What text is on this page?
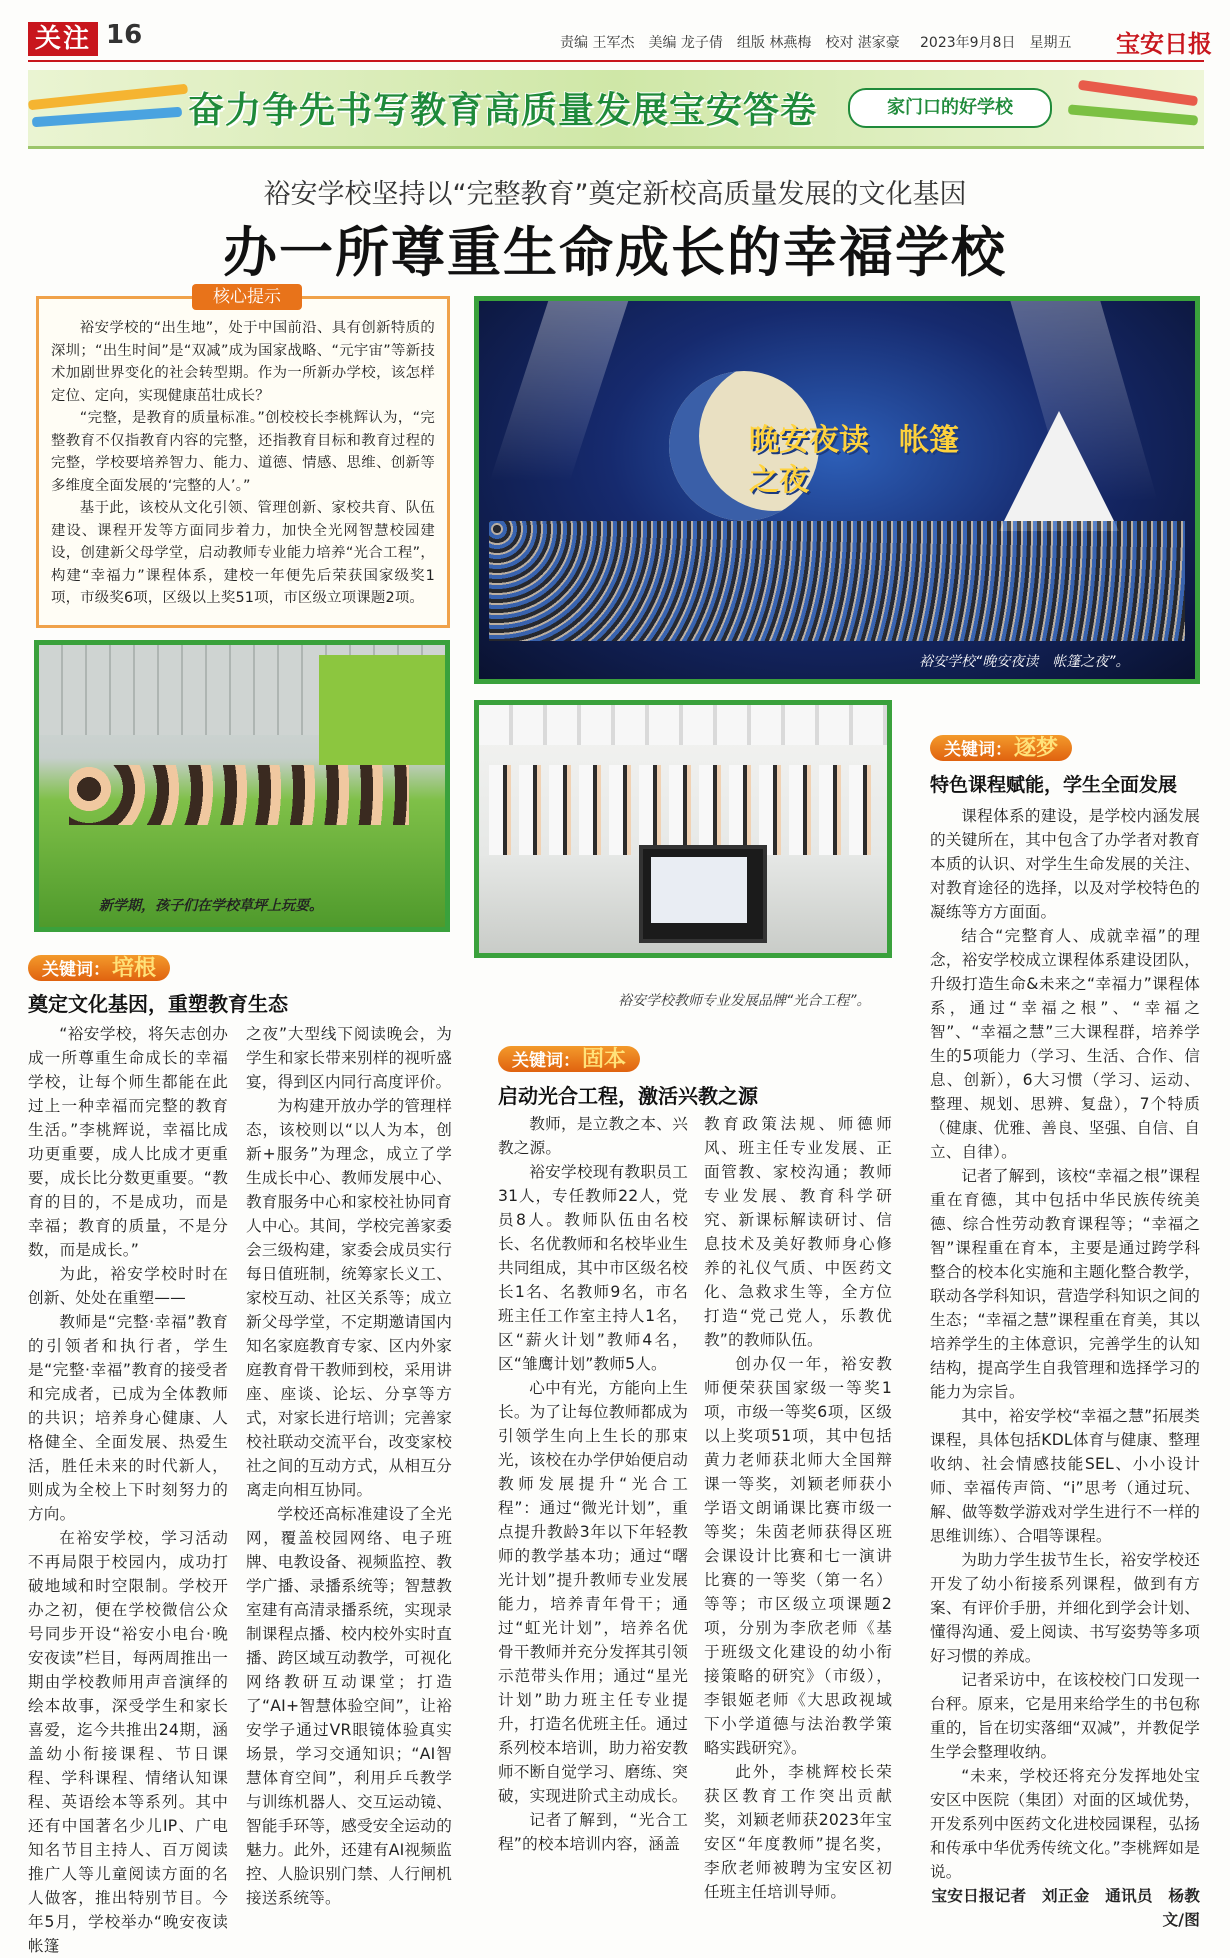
关注 16	责编 王军杰　美编 龙子倩　组版 林燕梅　校对 湛家豪 2023年9月8日　星期五 宝安日报
奋力争先书写教育高质量发展宝安答卷	家门口的好学校
裕安学校坚持以“完整教育”奠定新校高质量发展的文化基因
办一所尊重生命成长的幸福学校

裕安学校的“出生地”，处于中国前沿、具有创新特质的深圳；“出生时间”是“双减”成为国家战略、“元宇宙”等新技术加剧世界变化的社会转型期。作为一所新办学校，该怎样定位、定向，实现健康茁壮成长？

“完整，是教育的质量标准。”创校校长李桃辉认为，“完整教育不仅指教育内容的完整，还指教育目标和教育过程的完整，学校要培养智力、能力、道德、情感、思维、创新等多维度全面发展的‘完整的人’。”

基于此，该校从文化引领、管理创新、家校共育、队伍建设、课程开发等方面同步着力，加快全光网智慧校园建设，创建新父母学堂，启动教师专业能力培养“光合工程”，构建“幸福力”课程体系，建校一年便先后荣获国家级奖1项，市级奖6项，区级以上奖51项，市区级立项课题2项。

核心提示
晚安夜读　帐篷之夜
裕安学校“晚安夜读　帐篷之夜”。
新学期，孩子们在学校草坪上玩耍。
裕安学校教师专业发展品牌“光合工程”。
关键词：培根
奠定文化基因，重塑教育生态

“裕安学校，将矢志创办成一所尊重生命成长的幸福学校，让每个师生都能在此过上一种幸福而完整的教育生活。”李桃辉说，幸福比成功更重要，成人比成才更重要，成长比分数更重要。“教育的目的，不是成功，而是幸福；教育的质量，不是分数，而是成长。”

为此，裕安学校时时在创新、处处在重塑——

教师是“完整·幸福”教育的引领者和执行者，学生是“完整·幸福”教育的接受者和完成者，已成为全体教师的共识；培养身心健康、人格健全、全面发展、热爱生活，胜任未来的时代新人，则成为全校上下时刻努力的方向。

在裕安学校，学习活动不再局限于校园内，成功打破地域和时空限制。学校开办之初，便在学校微信公众号同步开设“裕安小电台·晚安夜读”栏目，每两周推出一期由学校教师用声音演绎的绘本故事，深受学生和家长喜爱，迄今共推出24期，涵盖幼小衔接课程、节日课程、学科课程、情绪认知课程、英语绘本等系列。其中还有中国著名少儿IP、广电知名节目主持人、百万阅读推广人等儿童阅读方面的名人做客，推出特别节目。今年5月，学校举办“晚安夜读　帐篷

之夜”大型线下阅读晚会，为学生和家长带来别样的视听盛宴，得到区内同行高度评价。

为构建开放办学的管理样态，该校则以“以人为本，创新+服务”为理念，成立了学生成长中心、教师发展中心、教育服务中心和家校社协同育人中心。其间，学校完善家委会三级构建，家委会成员实行每日值班制，统筹家长义工、家校互动、社区关系等；成立新父母学堂，不定期邀请国内知名家庭教育专家、区内外家庭教育骨干教师到校，采用讲座、座谈、论坛、分享等方式，对家长进行培训；完善家校社联动交流平台，改变家校社之间的互动方式，从相互分离走向相互协同。

学校还高标准建设了全光网，覆盖校园网络、电子班牌、电教设备、视频监控、教学广播、录播系统等；智慧教室建有高清录播系统，实现录制课程点播、校内校外实时直播、跨区域互动教学，可视化网络教研互动课堂；打造了“AI+智慧体验空间”，让裕安学子通过VR眼镜体验真实场景，学习交通知识；“AI智慧体育空间”，利用乒乓教学与训练机器人、交互运动镜、智能手环等，感受安全运动的魅力。此外，还建有AI视频监控、人脸识别门禁、人行闸机接送系统等。

关键词：固本
启动光合工程，激活兴教之源

教师，是立教之本、兴教之源。

裕安学校现有教职员工31人，专任教师22人，党员8人。教师队伍由名校长、名优教师和名校毕业生共同组成，其中市区级名校长1名、名教师9名，市名班主任工作室主持人1名，区“薪火计划”教师4名，区“雏鹰计划”教师5人。

心中有光，方能向上生长。为了让每位教师都成为引领学生向上生长的那束光，该校在办学伊始便启动教师发展提升“光合工程”：通过“微光计划”，重点提升教龄3年以下年轻教师的教学基本功；通过“曙光计划”提升教师专业发展能力，培养青年骨干；通过“虹光计划”，培养名优骨干教师并充分发挥其引领示范带头作用；通过“星光计划”助力班主任专业提升，打造名优班主任。通过系列校本培训，助力裕安教师不断自觉学习、磨练、突破，实现进阶式主动成长。

记者了解到，“光合工程”的校本培训内容，涵盖

教育政策法规、师德师风、班主任专业发展、正面管教、家校沟通；教师专业发展、教育科学研究、新课标解读研讨、信息技术及美好教师身心修养的礼仪气质、中医药文化、急救求生等，全方位打造“党己党人，乐教优教”的教师队伍。

创办仅一年，裕安教师便荣获国家级一等奖1项，市级一等奖6项，区级以上奖项51项，其中包括黄力老师获北师大全国辩课一等奖，刘颖老师获小学语文朗诵课比赛市级一等奖；朱茵老师获得区班会课设计比赛和七一演讲比赛的一等奖（第一名）等等；市区级立项课题2项，分别为李欣老师《基于班级文化建设的幼小衔接策略的研究》（市级），李银姬老师《大思政视域下小学道德与法治教学策略实践研究》。

此外，李桃辉校长荣获区教育工作突出贡献奖，刘颖老师获2023年宝安区“年度教师”提名奖，李欣老师被聘为宝安区初任班主任培训导师。

关键词：逐梦
特色课程赋能，学生全面发展

课程体系的建设，是学校内涵发展的关键所在，其中包含了办学者对教育本质的认识、对学生生命发展的关注、对教育途径的选择，以及对学校特色的凝练等方方面面。

结合“完整育人、成就幸福”的理念，裕安学校成立课程体系建设团队，升级打造生命&未来之“幸福力”课程体系，通过“幸福之根”、“幸福之智”、“幸福之慧”三大课程群，培养学生的5项能力（学习、生活、合作、信息、创新），6大习惯（学习、运动、整理、规划、思辨、复盘），7个特质（健康、优雅、善良、坚强、自信、自立、自律）。

记者了解到，该校“幸福之根”课程重在育德，其中包括中华民族传统美德、综合性劳动教育课程等；“幸福之智”课程重在育本，主要是通过跨学科整合的校本化实施和主题化整合教学，联动各学科知识，营造学科知识之间的生态；“幸福之慧”课程重在育美，其以培养学生的主体意识，完善学生的认知结构，提高学生自我管理和选择学习的能力为宗旨。

其中，裕安学校“幸福之慧”拓展类课程，具体包括KDL体育与健康、整理收纳、社会情感技能SEL、小小设计师、幸福传声筒、“i”思考（通过玩、解、做等数学游戏对学生进行不一样的思维训练）、合唱等课程。

为助力学生拔节生长，裕安学校还开发了幼小衔接系列课程，做到有方案、有评价手册，并细化到学会计划、懂得沟通、爱上阅读、书写姿势等多项好习惯的养成。

记者采访中，在该校校门口发现一台秤。原来，它是用来给学生的书包称重的，旨在切实落细“双减”，并教促学生学会整理收纳。

“未来，学校还将充分发挥地处宝安区中医院（集团）对面的区域优势，开发系列中医药文化进校园课程，弘扬和传承中华优秀传统文化。”李桃辉如是说。

宝安日报记者　刘正金　通讯员　杨教　文/图
